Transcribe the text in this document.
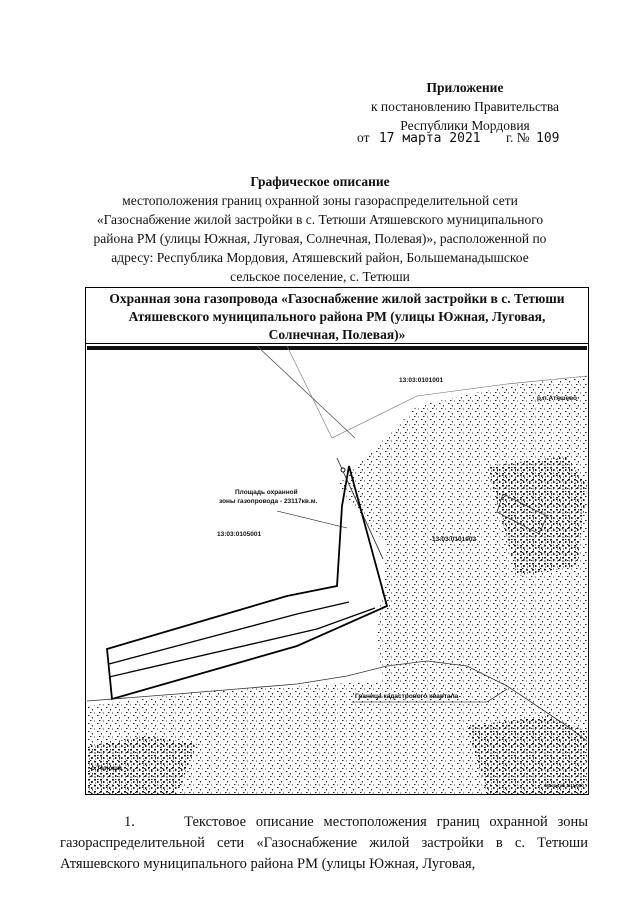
Приложение
к постановлению Правительства
Республики Мордовия
от 17 марта 2021 г. № 109
Графическое описание
местоположения границ охранной зоны газораспределительной сети
«Газоснабжение жилой застройки в с. Тетюши Атяшевского муниципального
района РМ (улицы Южная, Луговая, Солнечная, Полевая)», расположенной по
адресу: Республика Мордовия, Атяшевский район, Большеманадышское
сельское поселение, с. Тетюши
Охранная зона газопровода «Газоснабжение жилой застройки в с. Тетюши Атяшевского муниципального района РМ (улицы Южная, Луговая, Солнечная, Полевая)»
13:03:0101001
р.п.Атяшево
Площадь охранной
зоны газопровода - 23117кв.м.
13:03:0105001
13:03:0101002
Граница кадастрового квартала
с.Тетюши
Масштаб 1:11 000
1.     Текстовое описание местоположения границ охранной зоны газораспределительной сети «Газоснабжение жилой застройки в с. Тетюши Атяшевского муниципального района РМ (улицы Южная, Луговая,
